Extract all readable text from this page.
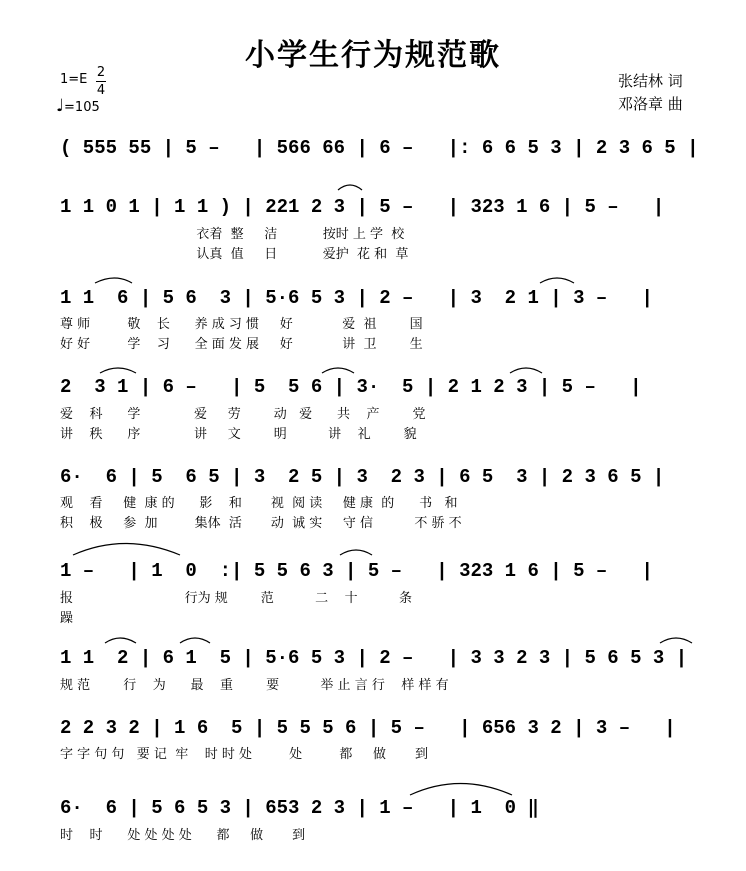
小学生行为规范歌
1=E 2
4
♩=105
张结林 词
邓洛章 曲
( 555 55 | 5 –   | 566 66 | 6 –   |: 6 6 5 3 | 2 3 6 5 |
1 1 0 1 | 1 1 ) | 221 2 3 | 5 –   | 323 1 6 | 5 –   |
衣着  整     洁           按时 上 学  校
认真  值     日           爱护  花 和  草
1 1  6 | 5 6  3 | 5·6 5 3 | 2 –   | 3  2 1 | 3 –   |
尊 师         敬    长      养 成 习 惯     好            爱  祖        国
好 好         学    习      全 面 发 展     好            讲  卫        生
2  3 1 | 6 –   | 5  5 6 | 3·  5 | 2 1 2 3 | 5 –   |
爱    科      学             爱     劳        动   爱      共    产        党
讲    秩      序             讲     文        明          讲    礼        貌
6·  6 | 5  6 5 | 3  2 5 | 3  2 3 | 6 5  3 | 2 3 6 5 |
观    看     健  康 的      影    和       视  阅 读     健 康  的      书   和
积    极     参  加         集体  活       动  诚 实     守 信          不 骄 不
1 –   | 1  0  :| 5 5 6 3 | 5 –   | 323 1 6 | 5 –   |
报                           行为 规        范          二    十          条
躁
1 1  2 | 6 1  5 | 5·6 5 3 | 2 –   | 3 3 2 3 | 5 6 5 3 |
规 范        行    为      最    重        要          举 止 言 行    样 样 有
2 2 3 2 | 1 6  5 | 5 5 5 6 | 5 –   | 656 3 2 | 3 –   |
字 字 句 句   要 记  牢    时 时 处         处         都     做       到
6·  6 | 5 6 5 3 | 653 2 3 | 1 –   | 1  0 ‖
时    时      处 处 处 处      都     做       到
